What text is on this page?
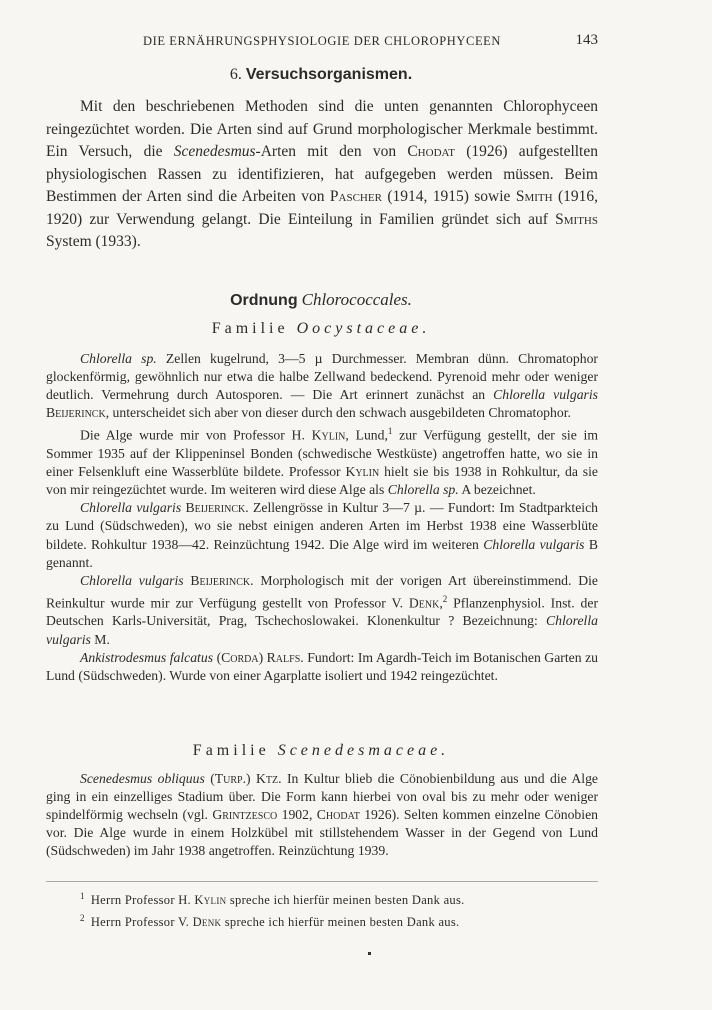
DIE ERNÄHRUNGSPHYSIOLOGIE DER CHLOROPHYCEEN	143
6. Versuchsorganismen.
Mit den beschriebenen Methoden sind die unten genannten Chlorophyceen reingezüchtet worden. Die Arten sind auf Grund morphologischer Merkmale bestimmt. Ein Versuch, die Scenedesmus-Arten mit den von Chodat (1926) aufgestellten physiologischen Rassen zu identifizieren, hat aufgegeben werden müssen. Beim Bestimmen der Arten sind die Arbeiten von Pascher (1914, 1915) sowie Smith (1916, 1920) zur Verwendung gelangt. Die Einteilung in Familien gründet sich auf Smiths System (1933).
Ordnung Chlorococcales.
Familie Oocystaceae.

Chlorella sp. Zellen kugelrund, 3—5 µ Durchmesser. Membran dünn. Chromatophor glockenförmig, gewöhnlich nur etwa die halbe Zellwand bedeckend. Pyrenoid mehr oder weniger deutlich. Vermehrung durch Autosporen. — Die Art erinnert zunächst an Chlorella vulgaris Beijerinck, unterscheidet sich aber von dieser durch den schwach ausgebildeten Chromatophor.

Die Alge wurde mir von Professor H. Kylin, Lund,$^1$ zur Verfügung gestellt, der sie im Sommer 1935 auf der Klippeninsel Bonden (schwedische Westküste) angetroffen hatte, wo sie in einer Felsenkluft eine Wasserblüte bildete. Professor Kylin hielt sie bis 1938 in Rohkultur, da sie von mir reingezüchtet wurde. Im weiteren wird diese Alge als Chlorella sp. A bezeichnet.

Chlorella vulgaris Beijerinck. Zellengrösse in Kultur 3—7 µ. — Fundort: Im Stadtparkteich zu Lund (Südschweden), wo sie nebst einigen anderen Arten im Herbst 1938 eine Wasserblüte bildete. Rohkultur 1938—42. Reinzüchtung 1942. Die Alge wird im weiteren Chlorella vulgaris B genannt.

Chlorella vulgaris Beijerinck. Morphologisch mit der vorigen Art übereinstimmend. Die Reinkultur wurde mir zur Verfügung gestellt von Professor V. Denk,$^2$ Pflanzenphysiol. Inst. der Deutschen Karls-Universität, Prag, Tschechoslowakei. Klonenkultur ? Bezeichnung: Chlorella vulgaris M.

Ankistrodesmus falcatus (Corda) Ralfs. Fundort: Im Agardh-Teich im Botanischen Garten zu Lund (Südschweden). Wurde von einer Agarplatte isoliert und 1942 reingezüchtet.

Familie Scenedesmaceae.

Scenedesmus obliquus (Turp.) Ktz. In Kultur blieb die Cönobienbildung aus und die Alge ging in ein einzelliges Stadium über. Die Form kann hierbei von oval bis zu mehr oder weniger spindelförmig wechseln (vgl. Grintzesco 1902, Chodat 1926). Selten kommen einzelne Cönobien vor. Die Alge wurde in einem Holzkübel mit stillstehendem Wasser in der Gegend von Lund (Südschweden) im Jahr 1938 angetroffen. Reinzüchtung 1939.

$^1$ Herrn Professor H. Kylin spreche ich hierfür meinen besten Dank aus.
$^2$ Herrn Professor V. Denk spreche ich hierfür meinen besten Dank aus.
